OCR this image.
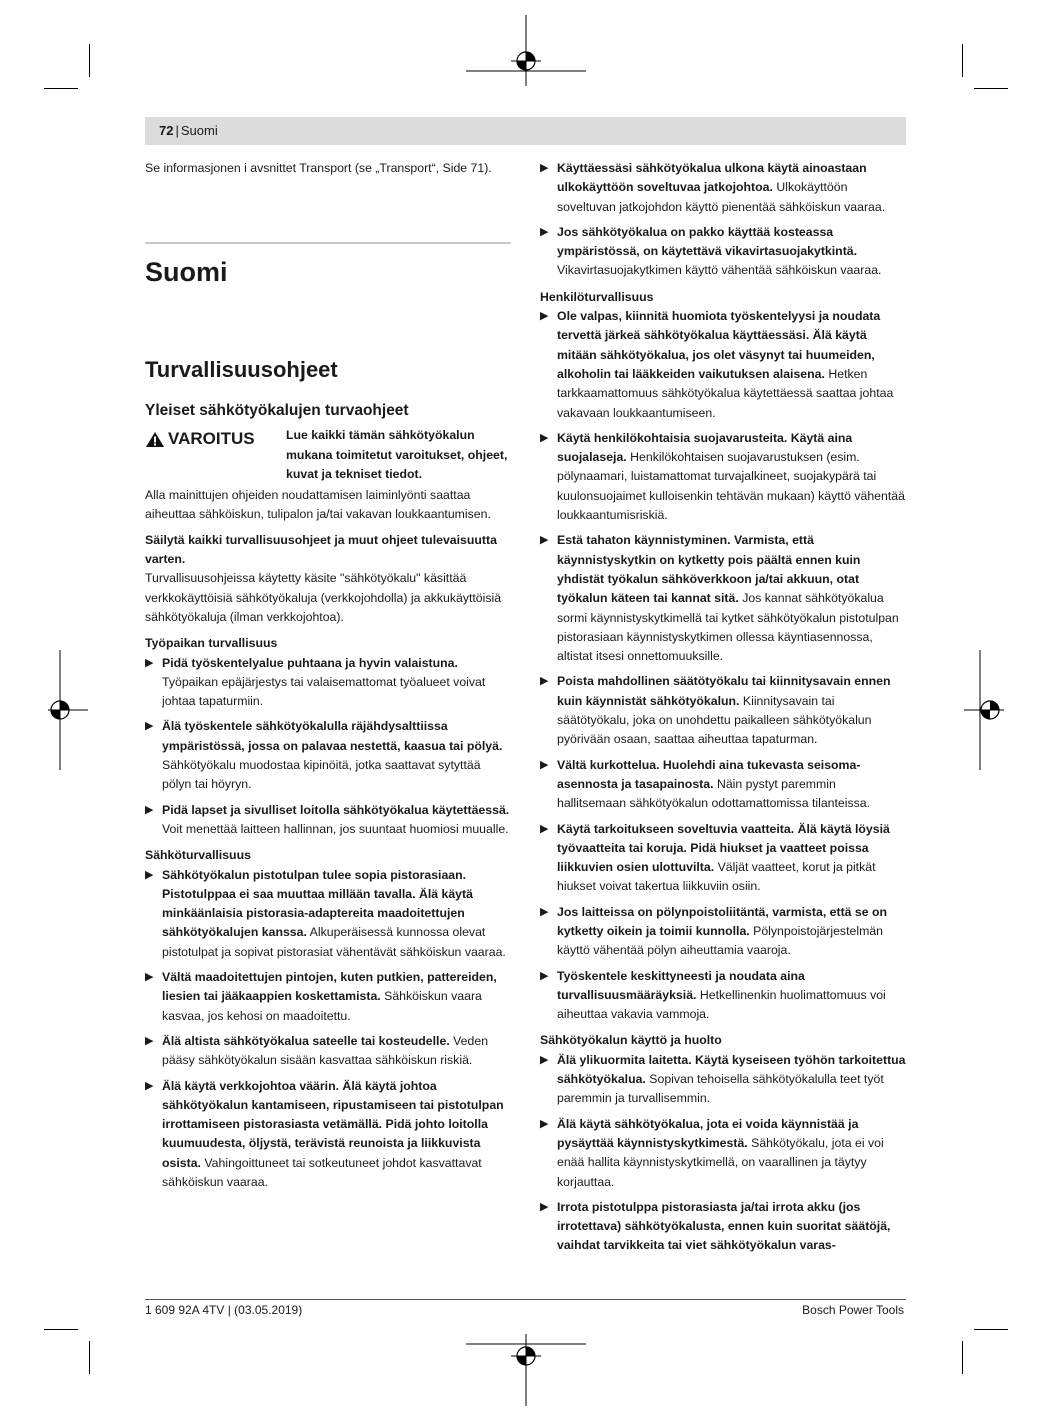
72 | Suomi

Se informasjonen i avsnittet Transport (se „Transport“, Side 71).

Suomi
Turvallisuusohjeet
Yleiset sähkötyökalujen turvaohjeet
VAROITUS	Lue kaikki tämän sähkötyökalun mukana toimitetut varoitukset, ohjeet, kuvat ja tekniset tiedot.

Alla mainittujen ohjeiden noudattamisen laiminlyönti saattaa aiheuttaa sähköiskun, tulipalon ja/tai vakavan loukkaantumisen.

Säilytä kaikki turvallisuusohjeet ja muut ohjeet tulevaisuutta varten.

Turvallisuusohjeissa käytetty käsite "sähkötyökalu" käsittää verkkokäyttöisiä sähkötyökaluja (verkkojohdolla) ja akkukäyttöisiä sähkötyökaluja (ilman verkkojohtoa).

Työpaikan turvallisuus
▶ Pidä työskentelyalue puhtaana ja hyvin valaistuna. Työpaikan epäjärjestys tai valaisemattomat työalueet voivat johtaa tapaturmiin.
▶ Älä työskentele sähkötyökalulla räjähdysalttiissa ympäristössä, jossa on palavaa nestettä, kaasua tai pölyä. Sähkötyökalu muodostaa kipinöitä, jotka saattavat sytyttää pölyn tai höyryn.
▶ Pidä lapset ja sivulliset loitolla sähkötyökalua käytettäessä. Voit menettää laitteen hallinnan, jos suuntaat huomiosi muualle.
Sähköturvallisuus
▶ Sähkötyökalun pistotulpan tulee sopia pistorasiaan. Pistotulppaa ei saa muuttaa millään tavalla. Älä käytä minkäänlaisia pistorasia-adaptereita maadoitettujen sähkötyökalujen kanssa. Alkuperäisessä kunnossa olevat pistotulpat ja sopivat pistorasiat vähentävät sähköiskun vaaraa.
▶ Vältä maadoitettujen pintojen, kuten putkien, pattereiden, liesien tai jääkaappien koskettamista. Sähköiskun vaara kasvaa, jos kehosi on maadoitettu.
▶ Älä altista sähkötyökalua sateelle tai kosteudelle. Veden pääsy sähkötyökalun sisään kasvattaa sähköiskun riskiä.
▶ Älä käytä verkkojohtoa väärin. Älä käytä johtoa sähkötyökalun kantamiseen, ripustamiseen tai pistotulpan irrottamiseen pistorasiasta vetämällä. Pidä johto loitolla kuumuudesta, öljystä, terävistä reunoista ja liikkuvista osista. Vahingoittuneet tai sotkeutuneet johdot kasvattavat sähköiskun vaaraa.
▶ Käyttäessäsi sähkötyökalua ulkona käytä ainoastaan ulkokäyttöön soveltuvaa jatkojohtoa. Ulkokäyttöön soveltuvan jatkojohdon käyttö pienentää sähköiskun vaaraa.
▶ Jos sähkötyökalua on pakko käyttää kosteassa ympäristössä, on käytettävä vikavirtasuojakytkintä. Vikavirtasuojakytkimen käyttö vähentää sähköiskun vaaraa.
Henkilöturvallisuus
▶ Ole valpas, kiinnitä huomiota työskentelyysi ja noudata tervettä järkeä sähkötyökalua käyttäessäsi. Älä käytä mitään sähkötyökalua, jos olet väsynyt tai huumeiden, alkoholin tai lääkkeiden vaikutuksen alaisena. Hetken tarkkaamattomuus sähkötyökalua käytettäessä saattaa johtaa vakavaan loukkaantumiseen.
▶ Käytä henkilökohtaisia suojavarusteita. Käytä aina suojalaseja. Henkilökohtaisen suojavarustuksen (esim. pölynaamari, luistamattomat turvajalkineet, suojakypärä tai kuulonsuojaimet kulloisenkin tehtävän mukaan) käyttö vähentää loukkaantumisriskiä.
▶ Estä tahaton käynnistyminen. Varmista, että käynnistyskytkin on kytketty pois päältä ennen kuin yhdistät työkalun sähköverkkoon ja/tai akkuun, otat työkalun käteen tai kannat sitä. Jos kannat sähkötyökalua sormi käynnistyskytkimellä tai kytket sähkötyökalun pistotulpan pistorasiaan käynnistyskytkimen ollessa käyntiasennossa, altistat itsesi onnettomuuksille.
▶ Poista mahdollinen säätötyökalu tai kiinnitysavain ennen kuin käynnistät sähkötyökalun. Kiinnitysavain tai säätötyökalu, joka on unohdettu paikalleen sähkötyökalun pyörivään osaan, saattaa aiheuttaa tapaturman.
▶ Vältä kurkottelua. Huolehdi aina tukevasta seisoma-asennosta ja tasapainosta. Näin pystyt paremmin hallitsemaan sähkötyökalun odottamattomissa tilanteissa.
▶ Käytä tarkoitukseen soveltuvia vaatteita. Älä käytä löysiä työvaatteita tai koruja. Pidä hiukset ja vaatteet poissa liikkuvien osien ulottuvilta. Väljät vaatteet, korut ja pitkät hiukset voivat takertua liikkuviin osiin.
▶ Jos laitteissa on pölynpoistoliitäntä, varmista, että se on kytketty oikein ja toimii kunnolla. Pölynpoistojärjestelmän käyttö vähentää pölyn aiheuttamia vaaroja.
▶ Työskentele keskittyneesti ja noudata aina turvallisuusmääräyksiä. Hetkellinenkin huolimattomuus voi aiheuttaa vakavia vammoja.
Sähkötyökalun käyttö ja huolto
▶ Älä ylikuormita laitetta. Käytä kyseiseen työhön tarkoitettua sähkötyökalua. Sopivan tehoisella sähkötyökalulla teet työt paremmin ja turvallisemmin.
▶ Älä käytä sähkötyökalua, jota ei voida käynnistää ja pysäyttää käynnistyskytkimestä. Sähkötyökalu, jota ei voi enää hallita käynnistyskytkimellä, on vaarallinen ja täytyy korjauttaa.
▶ Irrota pistotulppa pistorasiasta ja/tai irrota akku (jos irrotettava) sähkötyökalusta, ennen kuin suoritat säätöjä, vaihdat tarvikkeita tai viet sähkötyökalun varas-
1 609 92A 4TV | (03.05.2019)	Bosch Power Tools
